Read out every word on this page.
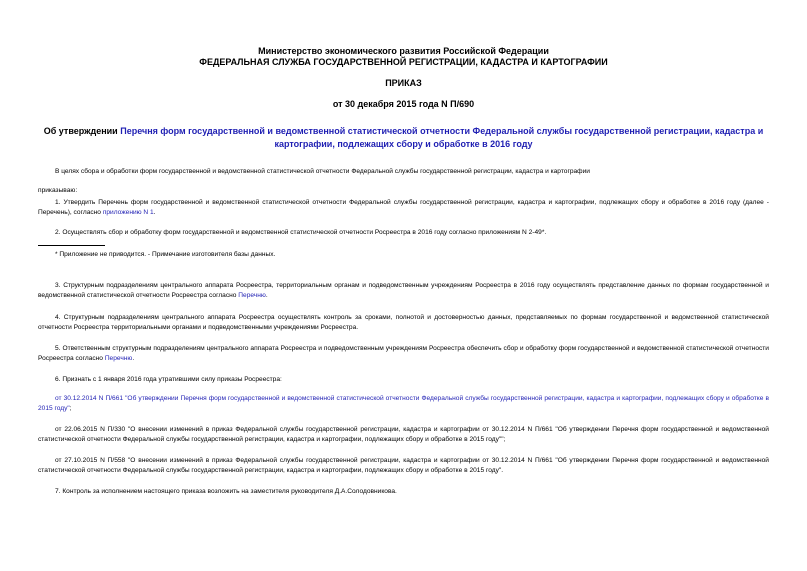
Министерство экономического развития Российской Федерации
ФЕДЕРАЛЬНАЯ СЛУЖБА ГОСУДАРСТВЕННОЙ РЕГИСТРАЦИИ, КАДАСТРА И КАРТОГРАФИИ
ПРИКАЗ
от 30 декабря 2015 года N П/690
Об утверждении Перечня форм государственной и ведомственной статистической отчетности Федеральной службы государственной регистрации, кадастра и картографии, подлежащих сбору и обработке в 2016 году
В целях сбора и обработки форм государственной и ведомственной статистической отчетности Федеральной службы государственной регистрации, кадастра и картографии
приказываю:
1. Утвердить Перечень форм государственной и ведомственной статистической отчетности Федеральной службы государственной регистрации, кадастра и картографии, подлежащих сбору и обработке в 2016 году (далее - Перечень), согласно приложению N 1.
2. Осуществлять сбор и обработку форм государственной и ведомственной статистической отчетности Росреестра в 2016 году согласно приложениям N 2-49*.
* Приложение не приводится. - Примечание изготовителя базы данных.
3. Структурным подразделениям центрального аппарата Росреестра, территориальным органам и подведомственным учреждениям Росреестра в 2016 году осуществлять представление данных по формам государственной и ведомственной статистической отчетности Росреестра согласно Перечню.
4. Структурным подразделениям центрального аппарата Росреестра осуществлять контроль за сроками, полнотой и достоверностью данных, представляемых по формам государственной и ведомственной статистической отчетности Росреестра территориальными органами и подведомственными учреждениями Росреестра.
5. Ответственным структурным подразделениям центрального аппарата Росреестра и подведомственным учреждениям Росреестра обеспечить сбор и обработку форм государственной и ведомственной статистической отчетности Росреестра согласно Перечню.
6. Признать с 1 января 2016 года утратившими силу приказы Росреестра:
от 30.12.2014 N П/661 "Об утверждении Перечня форм государственной и ведомственной статистической отчетности Федеральной службы государственной регистрации, кадастра и картографии, подлежащих сбору и обработке в 2015 году";
от 22.06.2015 N П/330 "О внесении изменений в приказ Федеральной службы государственной регистрации, кадастра и картографии от 30.12.2014 N П/661 "Об утверждении Перечня форм государственной и ведомственной статистической отчетности Федеральной службы государственной регистрации, кадастра и картографии, подлежащих сбору и обработке в 2015 году"";
от 27.10.2015 N П/558 "О внесении изменений в приказ Федеральной службы государственной регистрации, кадастра и картографии от 30.12.2014 N П/661 "Об утверждении Перечня форм государственной и ведомственной статистической отчетности Федеральной службы государственной регистрации, кадастра и картографии, подлежащих сбору и обработке в 2015 году".
7. Контроль за исполнением настоящего приказа возложить на заместителя руководителя Д.А.Солодовникова.
